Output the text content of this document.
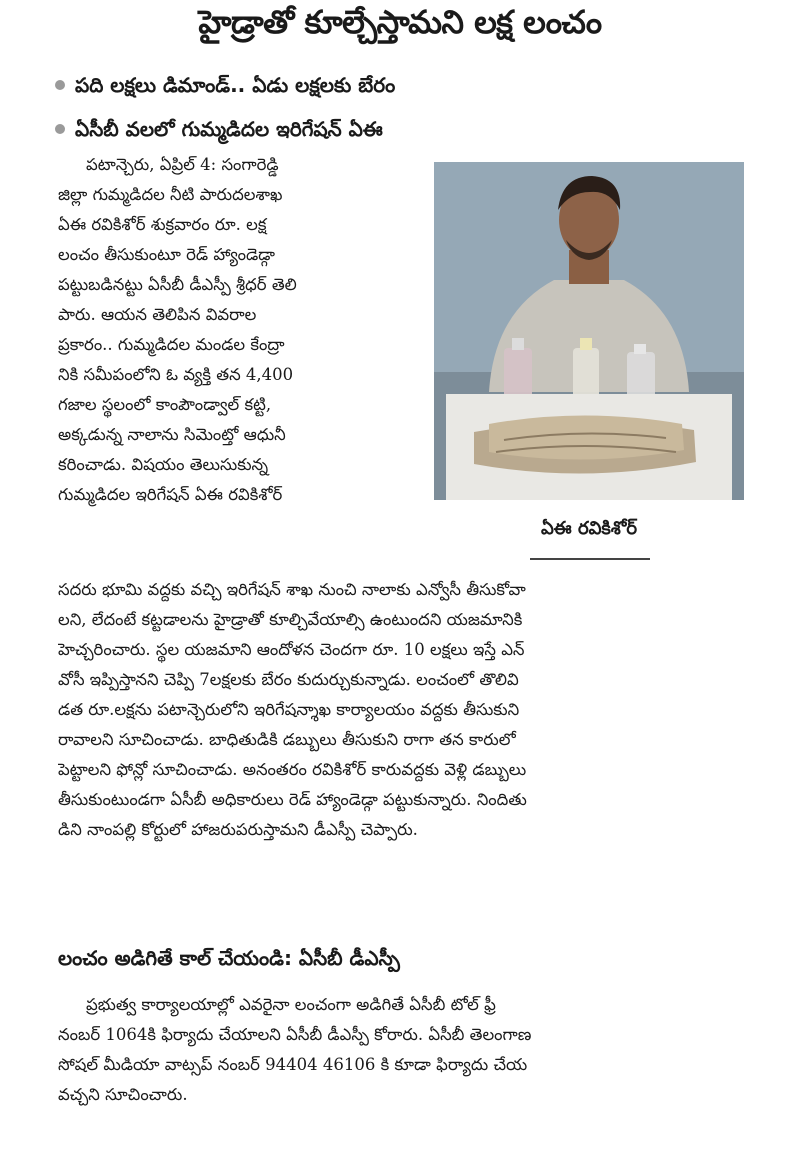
హైడ్రాతో కూల్చేస్తామని లక్ష లంచం
పది లక్షలు డిమాండ్.. ఏడు లక్షలకు బేరం
ఏసీబీ వలలో గుమ్మడిదల ఇరిగేషన్ ఏఈ
పటాన్చెరు, ఏప్రిల్ 4: సంగారెడ్డి
జిల్లా గుమ్మడిదల నీటి పారుదలశాఖ
ఏఈ రవికిశోర్ శుక్రవారం రూ. లక్ష
లంచం తీసుకుంటూ రెడ్ హ్యాండెడ్గా
పట్టుబడినట్టు ఏసీబీ డీఎస్పీ శ్రీధర్ తెలి
పారు. ఆయన తెలిపిన వివరాల
ప్రకారం.. గుమ్మడిదల మండల కేంద్రా
నికి సమీపంలోని ఓ వ్యక్తి తన 4,400
గజాల స్థలంలో కాంపౌండ్వాల్ కట్టి,
అక్కడున్న నాలాను సిమెంట్తో ఆధునీ
కరించాడు. విషయం తెలుసుకున్న
గుమ్మడిదల ఇరిగేషన్ ఏఈ రవికిశోర్
ఏఈ రవికిశోర్
సదరు భూమి వద్దకు వచ్చి ఇరిగేషన్ శాఖ నుంచి నాలాకు ఎన్వోసీ తీసుకోవా
లని, లేదంటే కట్టడాలను హైడ్రాతో కూల్చివేయాల్సి ఉంటుందని యజమానికి
హెచ్చరించారు. స్థల యజమాని ఆందోళన చెందగా రూ. 10 లక్షలు ఇస్తే ఎన్
వోసీ ఇప్పిస్తానని చెప్పి 7లక్షలకు బేరం కుదుర్చుకున్నాడు. లంచంలో తొలివి
డత రూ.లక్షను పటాన్చెరులోని ఇరిగేషన్శాఖ కార్యాలయం వద్దకు తీసుకుని
రావాలని సూచించాడు. బాధితుడికి డబ్బులు తీసుకుని రాగా తన కారులో
పెట్టాలని ఫోన్లో సూచించాడు. అనంతరం రవికిశోర్ కారువద్దకు వెళ్లి డబ్బులు
తీసుకుంటుండగా ఏసీబీ అధికారులు రెడ్ హ్యాండెడ్గా పట్టుకున్నారు. నిందితు
డిని నాంపల్లి కోర్టులో హాజరుపరుస్తామని డీఎస్పీ చెప్పారు.
లంచం అడిగితే కాల్ చేయండి: ఏసీబీ డీఎస్పీ
ప్రభుత్వ కార్యాలయాల్లో ఎవరైనా లంచంగా అడిగితే ఏసీబీ టోల్ ఫ్రీ
నంబర్ 1064కి ఫిర్యాదు చేయాలని ఏసీబీ డీఎస్పీ కోరారు. ఏసీబీ తెలంగాణ
సోషల్ మీడియా వాట్సప్ నంబర్ 94404 46106 కి కూడా ఫిర్యాదు చేయ
వచ్చని సూచించారు.
